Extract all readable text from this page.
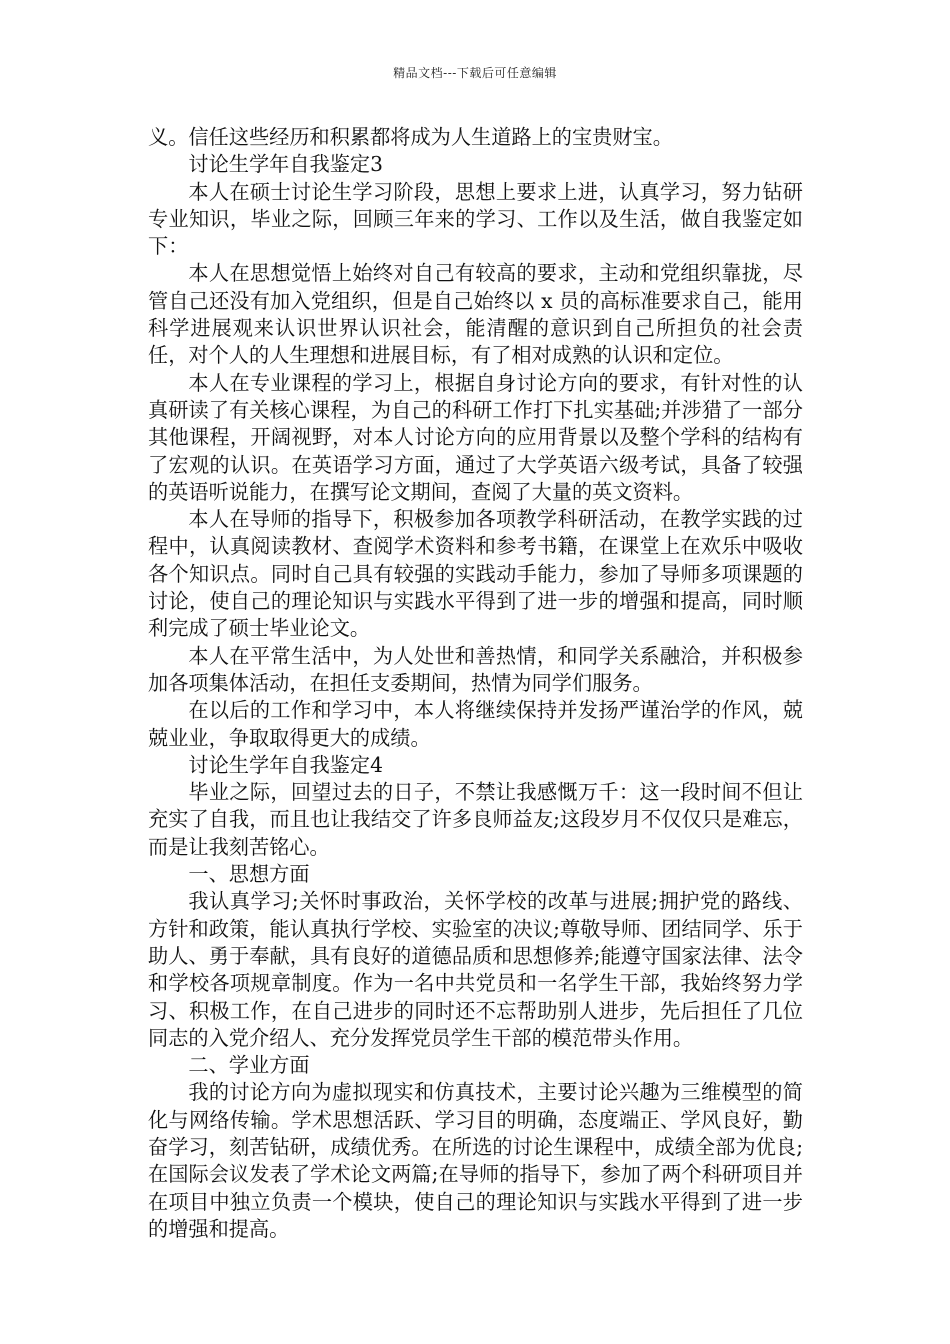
精品文档---下载后可任意编辑

义。信任这些经历和积累都将成为人生道路上的宝贵财宝。

讨论生学年自我鉴定3

本人在硕士讨论生学习阶段，思想上要求上进，认真学习，努力钻研专业知识，毕业之际，回顾三年来的学习、工作以及生活，做自我鉴定如下：

本人在思想觉悟上始终对自己有较高的要求，主动和党组织靠拢，尽管自己还没有加入党组织，但是自己始终以 x 员的高标准要求自己，能用科学进展观来认识世界认识社会，能清醒的意识到自己所担负的社会责任，对个人的人生理想和进展目标，有了相对成熟的认识和定位。

本人在专业课程的学习上，根据自身讨论方向的要求，有针对性的认真研读了有关核心课程，为自己的科研工作打下扎实基础;并涉猎了一部分其他课程，开阔视野，对本人讨论方向的应用背景以及整个学科的结构有了宏观的认识。在英语学习方面，通过了大学英语六级考试，具备了较强的英语听说能力，在撰写论文期间，查阅了大量的英文资料。

本人在导师的指导下，积极参加各项教学科研活动，在教学实践的过程中，认真阅读教材、查阅学术资料和参考书籍，在课堂上在欢乐中吸收各个知识点。同时自己具有较强的实践动手能力，参加了导师多项课题的讨论，使自己的理论知识与实践水平得到了进一步的增强和提高，同时顺利完成了硕士毕业论文。

本人在平常生活中，为人处世和善热情，和同学关系融洽，并积极参加各项集体活动，在担任支委期间，热情为同学们服务。

在以后的工作和学习中，本人将继续保持并发扬严谨治学的作风，兢兢业业，争取取得更大的成绩。

讨论生学年自我鉴定4

毕业之际，回望过去的日子，不禁让我感慨万千：这一段时间不但让充实了自我，而且也让我结交了许多良师益友;这段岁月不仅仅只是难忘，而是让我刻苦铭心。

一、思想方面

我认真学习;关怀时事政治，关怀学校的改革与进展;拥护党的路线、方针和政策，能认真执行学校、实验室的决议;尊敬导师、团结同学、乐于助人、勇于奉献，具有良好的道德品质和思想修养;能遵守国家法律、法令和学校各项规章制度。作为一名中共党员和一名学生干部，我始终努力学习、积极工作，在自己进步的同时还不忘帮助别人进步，先后担任了几位同志的入党介绍人、充分发挥党员学生干部的模范带头作用。

二、学业方面

我的讨论方向为虚拟现实和仿真技术，主要讨论兴趣为三维模型的简化与网络传输。学术思想活跃、学习目的明确，态度端正、学风良好，勤奋学习，刻苦钻研，成绩优秀。在所选的讨论生课程中，成绩全部为优良;在国际会议发表了学术论文两篇;在导师的指导下，参加了两个科研项目并在项目中独立负责一个模块，使自己的理论知识与实践水平得到了进一步的增强和提高。
